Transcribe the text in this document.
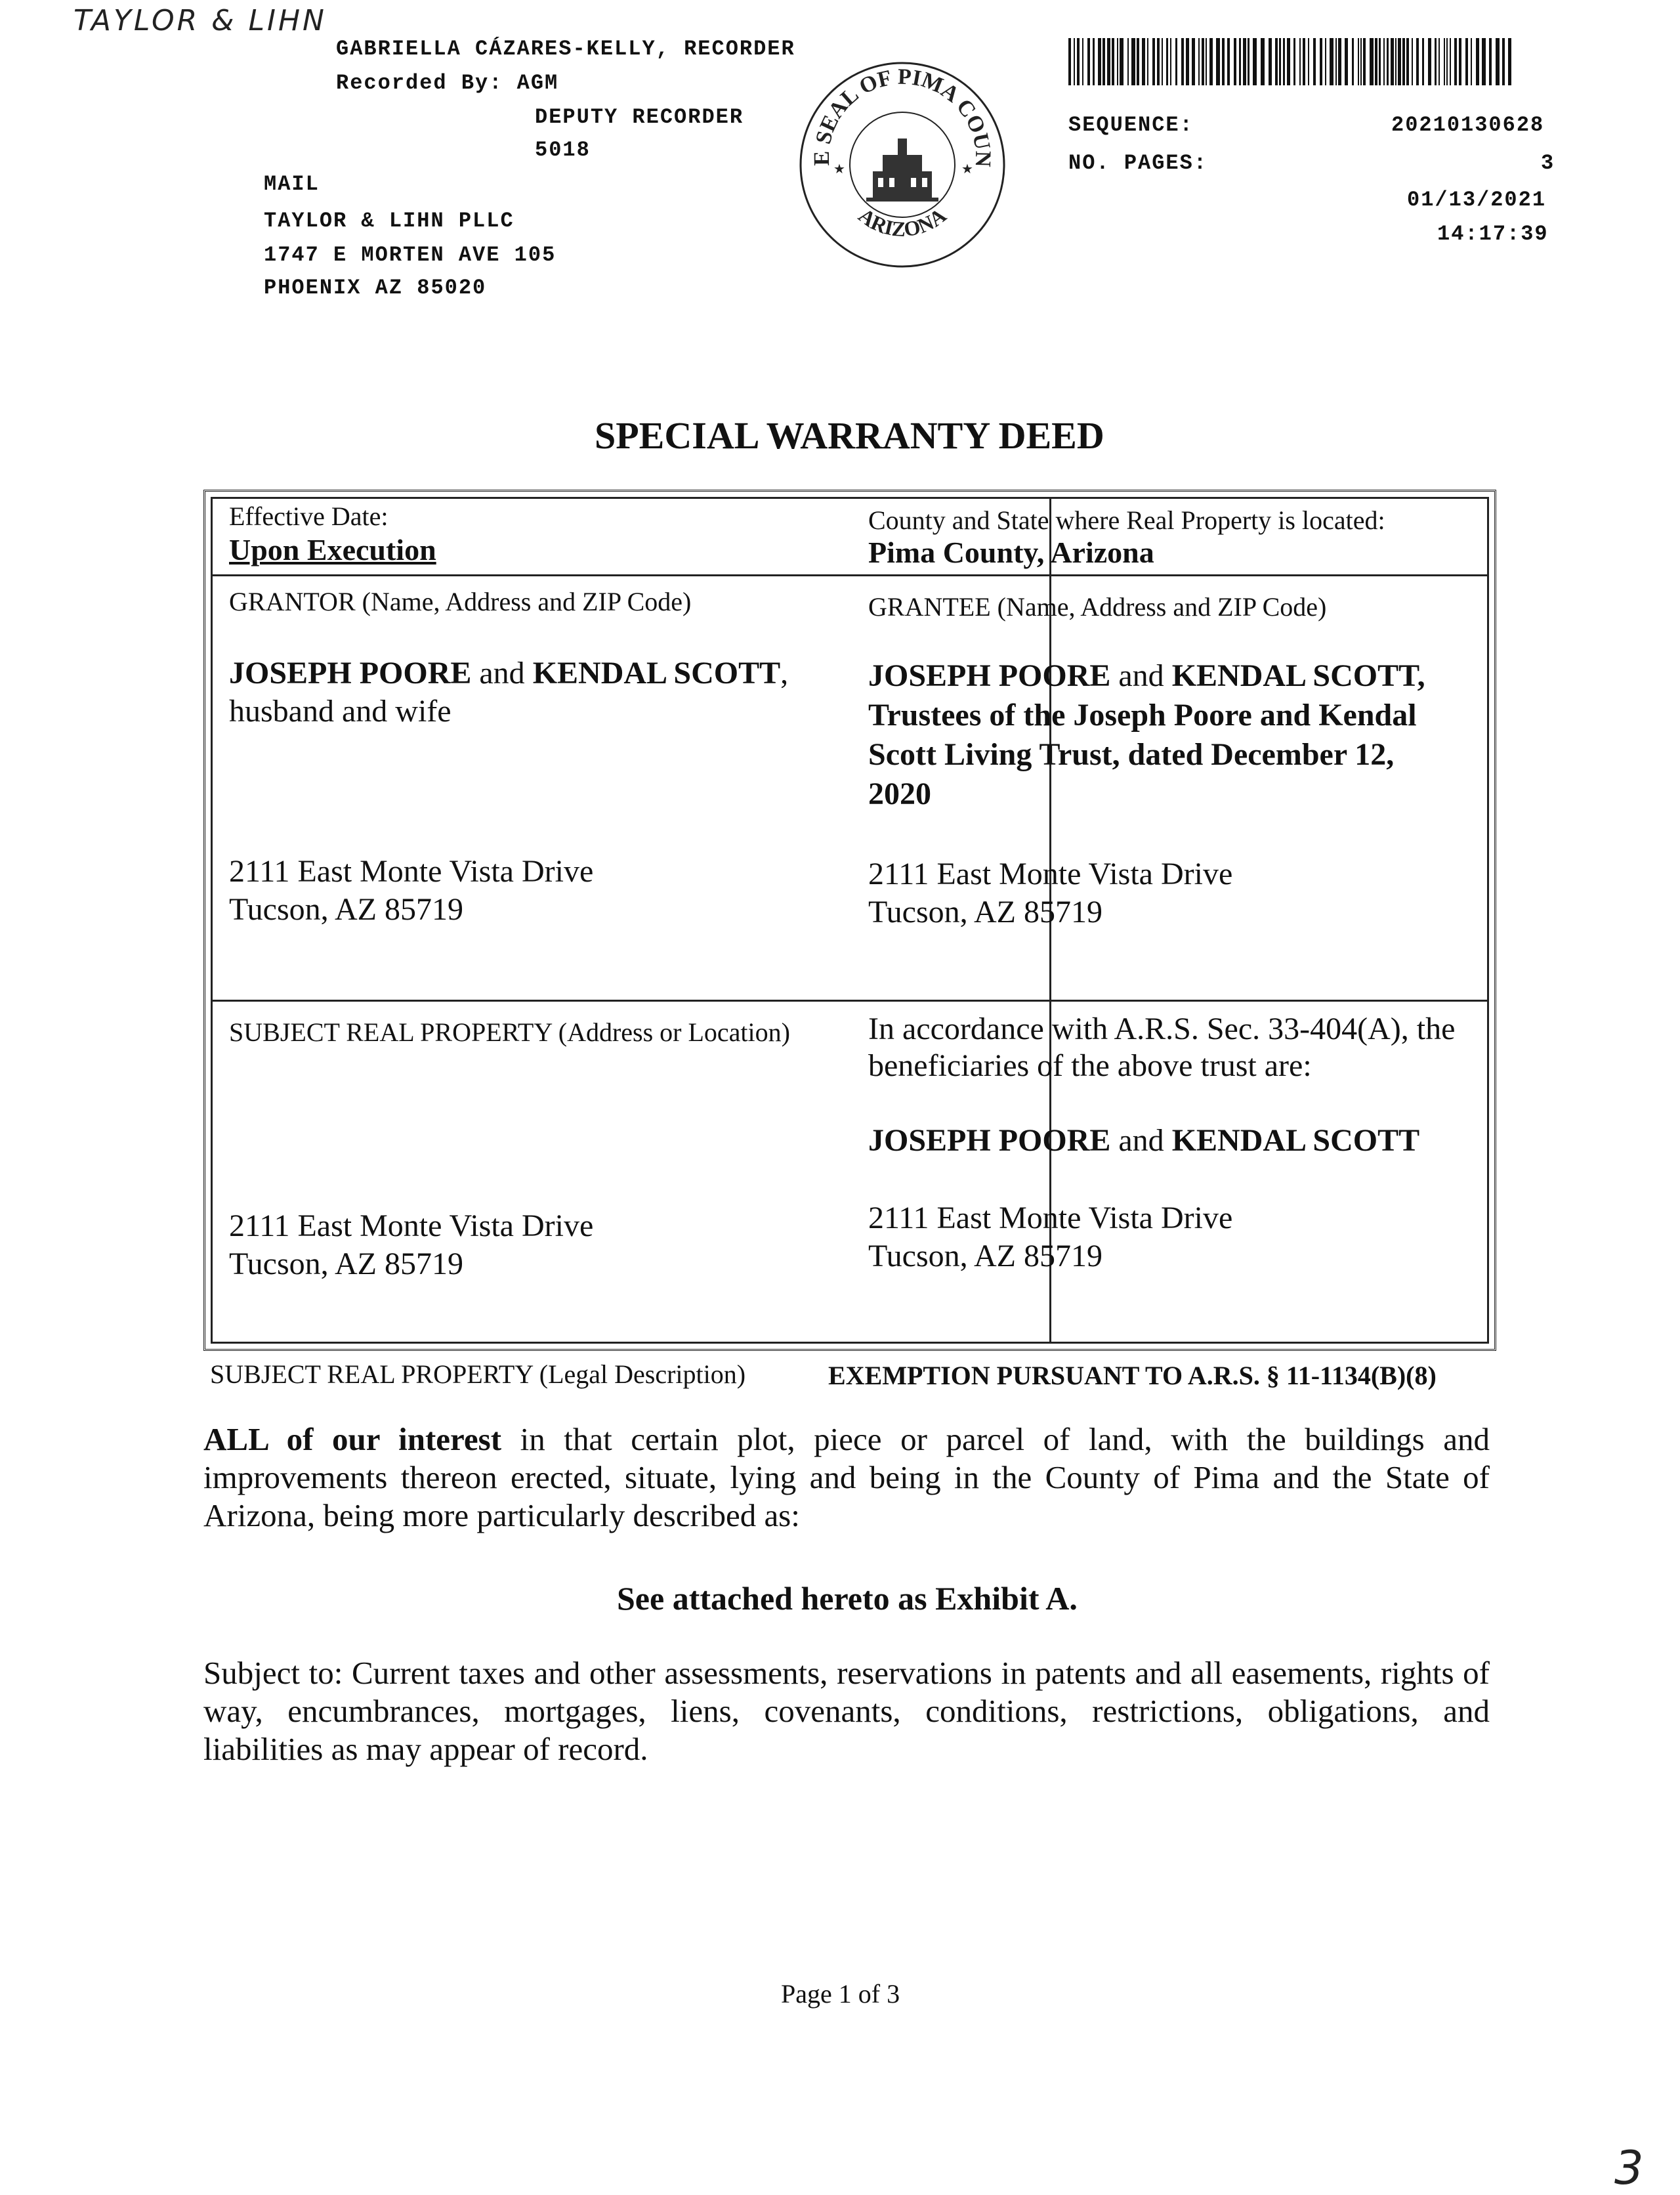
TAYLOR & LIHN
GABRIELLA CÁZARES-KELLY, RECORDER
Recorded By: AGM
DEPUTY RECORDER
5018
MAIL
TAYLOR & LIHN PLLC
1747 E MORTEN AVE 105
PHOENIX AZ 85020
E SEAL OF PIMA COUN
ARIZONA
★	★
SEQUENCE:	20210130628
NO. PAGES:	3
01/13/2021
14:17:39
SPECIAL WARRANTY DEED
Effective Date:
Upon Execution
County and State where Real Property is located:
Pima County, Arizona
GRANTOR (Name, Address and ZIP Code)
JOSEPH POORE and KENDAL SCOTT,
husband and wife
2111 East Monte Vista Drive
Tucson, AZ 85719
GRANTEE (Name, Address and ZIP Code)
JOSEPH POORE and KENDAL SCOTT,
Trustees of the Joseph Poore and Kendal
Scott Living Trust, dated December 12,
2020
2111 East Monte Vista Drive
Tucson, AZ 85719
SUBJECT REAL PROPERTY (Address or Location)
2111 East Monte Vista Drive
Tucson, AZ 85719
In accordance with A.R.S. Sec. 33-404(A), the
beneficiaries of the above trust are:
JOSEPH POORE and KENDAL SCOTT
2111 East Monte Vista Drive
Tucson, AZ 85719
SUBJECT REAL PROPERTY (Legal Description)	EXEMPTION PURSUANT TO A.R.S. § 11-1134(B)(8)
ALL of our interest in that certain plot, piece or parcel of land, with the buildings and
improvements thereon erected, situate, lying and being in the County of Pima and the State of
Arizona, being more particularly described as:
See attached hereto as Exhibit A.
Subject to: Current taxes and other assessments, reservations in patents and all easements, rights of
way, encumbrances, mortgages, liens, covenants, conditions, restrictions, obligations, and
liabilities as may appear of record.
Page 1 of 3
3
